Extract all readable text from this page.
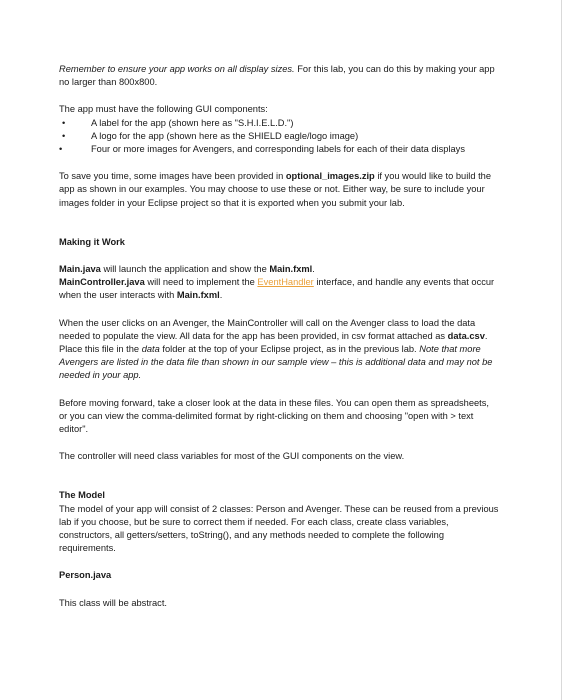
Remember to ensure your app works on all display sizes. For this lab, you can do this by making your app no larger than 800x800.

The app must have the following GUI components:

•	A label for the app (shown here as "S.H.I.E.L.D.")
•	A logo for the app (shown here as the SHIELD eagle/logo image)
•	Four or more images for Avengers, and corresponding labels for each of their data displays

To save you time, some images have been provided in optional_images.zip if you would like to build the app as shown in our examples. You may choose to use these or not. Either way, be sure to include your images folder in your Eclipse project so that it is exported when you submit your lab.

Making it Work

Main.java will launch the application and show the Main.fxml.

MainController.java will need to implement the EventHandler interface, and handle any events that occur when the user interacts with Main.fxml.

When the user clicks on an Avenger, the MainController will call on the Avenger class to load the data needed to populate the view. All data for the app has been provided, in csv format attached as data.csv. Place this file in the data folder at the top of your Eclipse project, as in the previous lab. Note that more Avengers are listed in the data file than shown in our sample view – this is additional data and may not be needed in your app.

Before moving forward, take a closer look at the data in these files. You can open them as spreadsheets, or you can view the comma-delimited format by right-clicking on them and choosing "open with > text editor".

The controller will need class variables for most of the GUI components on the view.

The Model

The model of your app will consist of 2 classes: Person and Avenger. These can be reused from a previous lab if you choose, but be sure to correct them if needed. For each class, create class variables, constructors, all getters/setters, toString(), and any methods needed to complete the following requirements.

Person.java

This class will be abstract.
